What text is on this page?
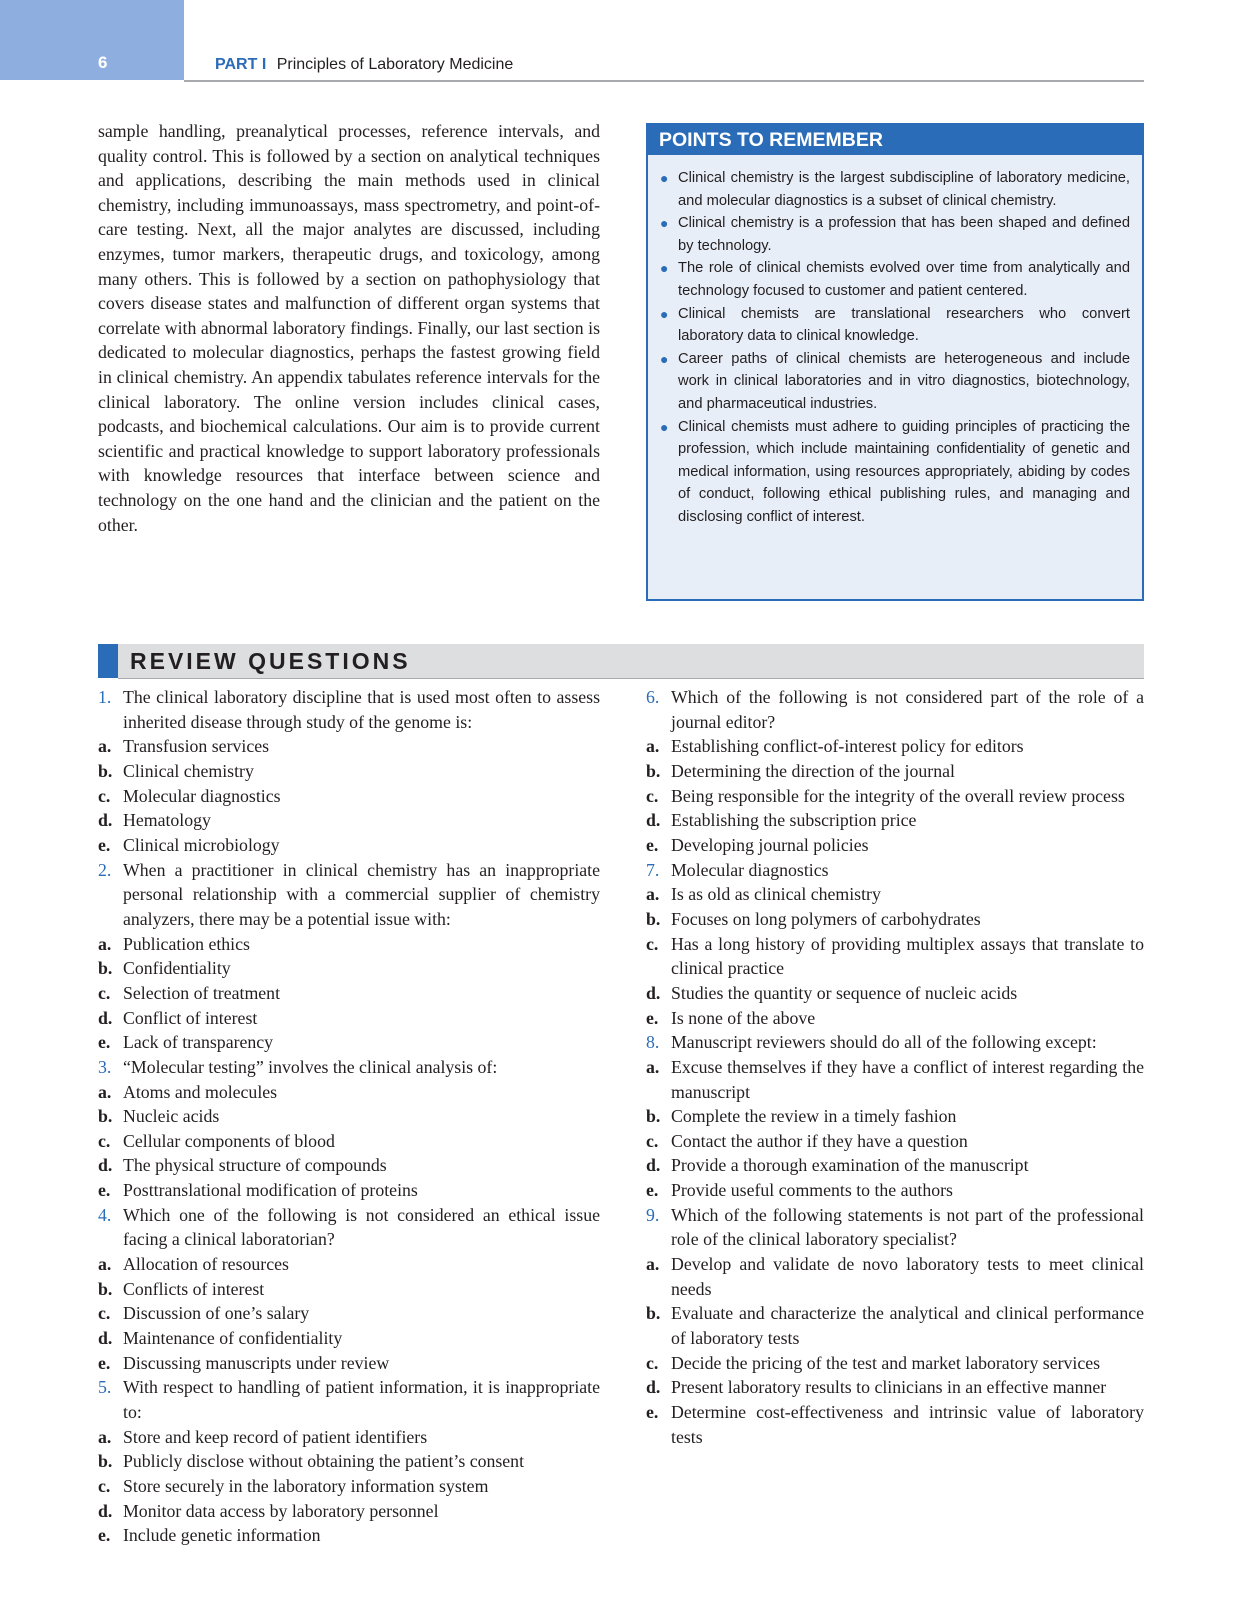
6	PART I Principles of Laboratory Medicine

sample handling, preanalytical processes, reference intervals, and quality control. This is followed by a section on analytical techniques and applications, describing the main methods used in clinical chemistry, including immunoassays, mass spectrometry, and point-of-care testing. Next, all the major analytes are discussed, including enzymes, tumor markers, therapeutic drugs, and toxicology, among many others. This is followed by a section on pathophysiology that covers disease states and malfunction of different organ systems that correlate with abnormal laboratory findings. Finally, our last section is dedicated to molecular diagnostics, perhaps the fastest growing field in clinical chemistry. An appendix tabulates reference intervals for the clinical laboratory. The online version includes clinical cases, podcasts, and biochemical calculations. Our aim is to provide current scientific and practical knowledge to support laboratory professionals with knowledge resources that interface between science and technology on the one hand and the clinician and the patient on the other.

POINTS TO REMEMBER
● Clinical chemistry is the largest subdiscipline of laboratory medicine, and molecular diagnostics is a subset of clinical chemistry.
● Clinical chemistry is a profession that has been shaped and defined by technology.
● The role of clinical chemists evolved over time from analytically and technology focused to customer and patient centered.
● Clinical chemists are translational researchers who convert laboratory data to clinical knowledge.
● Career paths of clinical chemists are heterogeneous and include work in clinical laboratories and in vitro diagnostics, biotechnology, and pharmaceutical industries.
● Clinical chemists must adhere to guiding principles of practicing the profession, which include maintaining confidentiality of genetic and medical information, using resources appropriately, abiding by codes of conduct, following ethical publishing rules, and managing and disclosing conflict of interest.
REVIEW QUESTIONS

1. The clinical laboratory discipline that is used most often to assess inherited disease through study of the genome is:

a. Transfusion services
b. Clinical chemistry
c. Molecular diagnostics
d. Hematology
e. Clinical microbiology

2. When a practitioner in clinical chemistry has an inappropriate personal relationship with a commercial supplier of chemistry analyzers, there may be a potential issue with:

a. Publication ethics
b. Confidentiality
c. Selection of treatment
d. Conflict of interest
e. Lack of transparency

3. “Molecular testing” involves the clinical analysis of:

a. Atoms and molecules
b. Nucleic acids
c. Cellular components of blood
d. The physical structure of compounds
e. Posttranslational modification of proteins

4. Which one of the following is not considered an ethical issue facing a clinical laboratorian?

a. Allocation of resources
b. Conflicts of interest
c. Discussion of one’s salary
d. Maintenance of confidentiality
e. Discussing manuscripts under review

5. With respect to handling of patient information, it is inappropriate to:

a. Store and keep record of patient identifiers
b. Publicly disclose without obtaining the patient’s consent
c. Store securely in the laboratory information system
d. Monitor data access by laboratory personnel
e. Include genetic information

6. Which of the following is not considered part of the role of a journal editor?

a. Establishing conflict-of-interest policy for editors
b. Determining the direction of the journal
c. Being responsible for the integrity of the overall review process
d. Establishing the subscription price
e. Developing journal policies

7. Molecular diagnostics

a. Is as old as clinical chemistry
b. Focuses on long polymers of carbohydrates
c. Has a long history of providing multiplex assays that translate to clinical practice
d. Studies the quantity or sequence of nucleic acids
e. Is none of the above

8. Manuscript reviewers should do all of the following except:

a. Excuse themselves if they have a conflict of interest regarding the manuscript
b. Complete the review in a timely fashion
c. Contact the author if they have a question
d. Provide a thorough examination of the manuscript
e. Provide useful comments to the authors

9. Which of the following statements is not part of the professional role of the clinical laboratory specialist?

a. Develop and validate de novo laboratory tests to meet clinical needs
b. Evaluate and characterize the analytical and clinical performance of laboratory tests
c. Decide the pricing of the test and market laboratory services
d. Present laboratory results to clinicians in an effective manner
e. Determine cost-effectiveness and intrinsic value of laboratory tests
